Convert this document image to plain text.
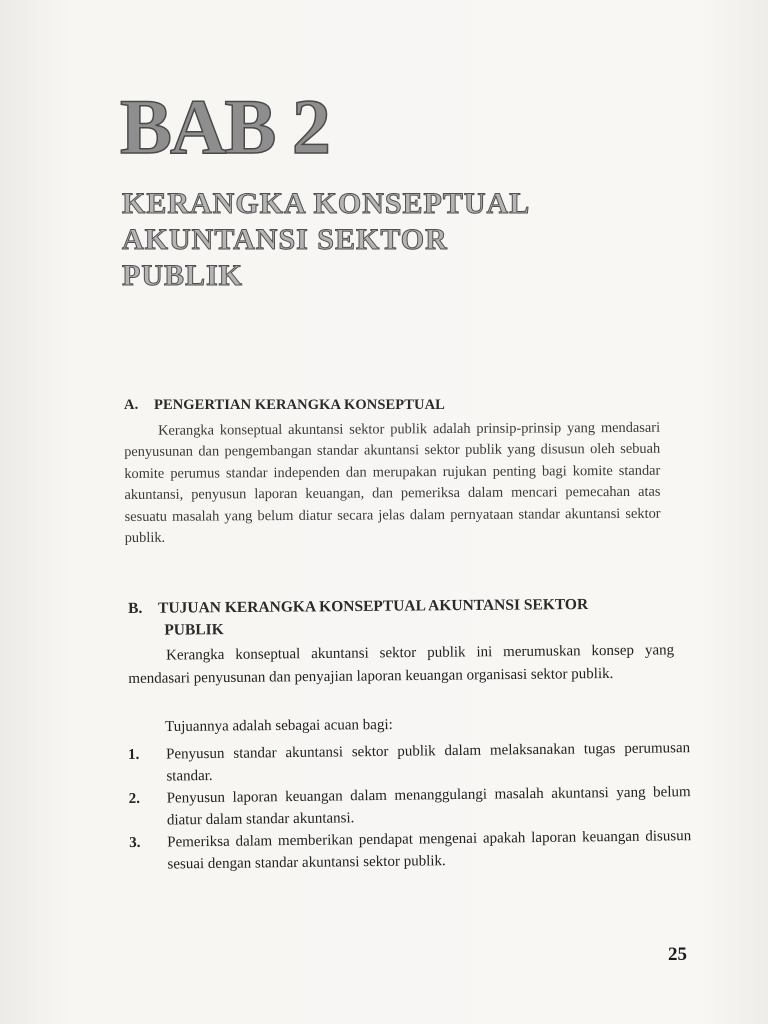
BAB 2
KERANGKA KONSEPTUAL
AKUNTANSI SEKTOR
PUBLIK
A. PENGERTIAN KERANGKA KONSEPTUAL

Kerangka konseptual akuntansi sektor publik adalah prinsip-prinsip yang mendasari penyusunan dan pengembangan standar akuntansi sektor publik yang disusun oleh sebuah komite perumus standar independen dan merupakan rujukan penting bagi komite standar akuntansi, penyusun laporan keuangan, dan pemeriksa dalam mencari pemecahan atas sesuatu masalah yang belum diatur secara jelas dalam pernyataan standar akuntansi sektor publik.

B. TUJUAN KERANGKA KONSEPTUAL AKUNTANSI SEKTOR
PUBLIK

Kerangka konseptual akuntansi sektor publik ini merumuskan konsep yang mendasari penyusunan dan penyajian laporan keuangan organisasi sektor publik.

Tujuannya adalah sebagai acuan bagi:

1.	Penyusun standar akuntansi sektor publik dalam melaksanakan tugas perumusan standar.
2.	Penyusun laporan keuangan dalam menanggulangi masalah akuntansi yang belum diatur dalam standar akuntansi.
3.	Pemeriksa dalam memberikan pendapat mengenai apakah laporan keuangan disusun sesuai dengan standar akuntansi sektor publik.

25
